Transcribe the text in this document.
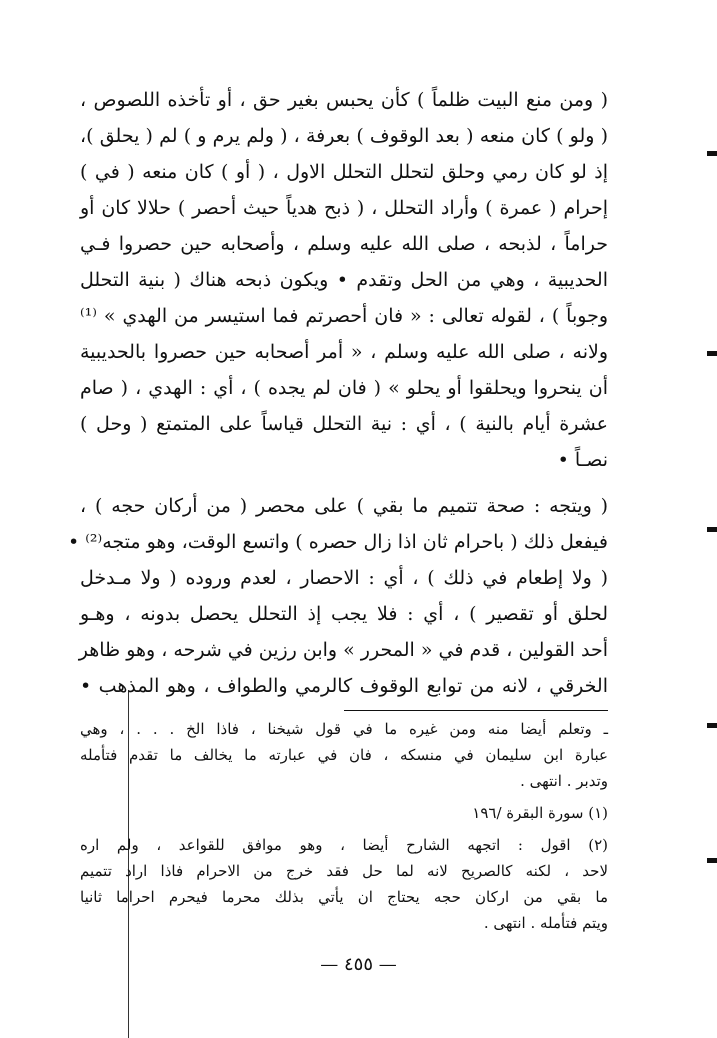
( ومن منع البيت ظلماً ) كأن يحبس بغير حق ، أو تأخذه اللصوص ،
( ولو ) كان منعه ( بعد الوقوف ) بعرفة ، ( ولم يرم و ) لم ( يحلق )،
إذ لو كان رمي وحلق لتحلل التحلل الاول ، ( أو ) كان منعه ( في )
إحرام ( عمرة ) وأراد التحلل ، ( ذبح هدياً حيث أحصر ) حلالا كان أو
حراماً ، لذبحه ، صلى الله عليه وسلم ، وأصحابه حين حصروا فـي
الحديبية ، وهي من الحل وتقدم • ويكون ذبحه هناك ( بنية التحلل
وجوباً ) ، لقوله تعالى : « فان أحصرتم فما استيسر من الهدي » ⁽¹⁾
ولانه ، صلى الله عليه وسلم ، « أمر أصحابه حين حصروا بالحديبية
أن ينحروا ويحلقوا أو يحلو » ( فان لم يجده ) ، أي : الهدي ، ( صام
عشرة أيام بالنية ) ، أي : نية التحلل قياساً على المتمتع ( وحل )
نصـاً •
( ويتجه : صحة تتميم ما بقي ) على محصر ( من أركان حجه ) ،
فيفعل ذلك ( باحرام ثان اذا زال حصره ) واتسع الوقت، وهو متجه⁽²⁾ •
( ولا إطعام في ذلك ) ، أي : الاحصار ، لعدم وروده ( ولا مـدخل
لحلق أو تقصير ) ، أي : فلا يجب إذ التحلل يحصل بدونه ، وهـو
أحد القولين ، قدم في « المحرر » وابن رزين في شرحه ، وهو ظاهر
الخرقي ، لانه من توابع الوقوف كالرمي والطواف ، وهو المذهب •
ـ وتعلم أيضا منه ومن غيره ما في قول شيخنا ، فاذا الخ . . . ، وهي
عبارة ابن سليمان في منسكه ، فان في عبارته ما يخالف ما تقدم فتأمله
وتدبر . انتهى .
(١) سورة البقرة /١٩٦
(٢) اقول : اتجهه الشارح أيضا ، وهو موافق للقواعد ، ولم اره
لاحد ، لكنه كالصريح لانه لما حل فقد خرج من الاحرام فاذا اراد تتميم
ما بقي من اركان حجه يحتاج ان يأتي بذلك محرما فيحرم احراما ثانيا
ويتم فتأمله . انتهى .
— ٤٥٥ —
